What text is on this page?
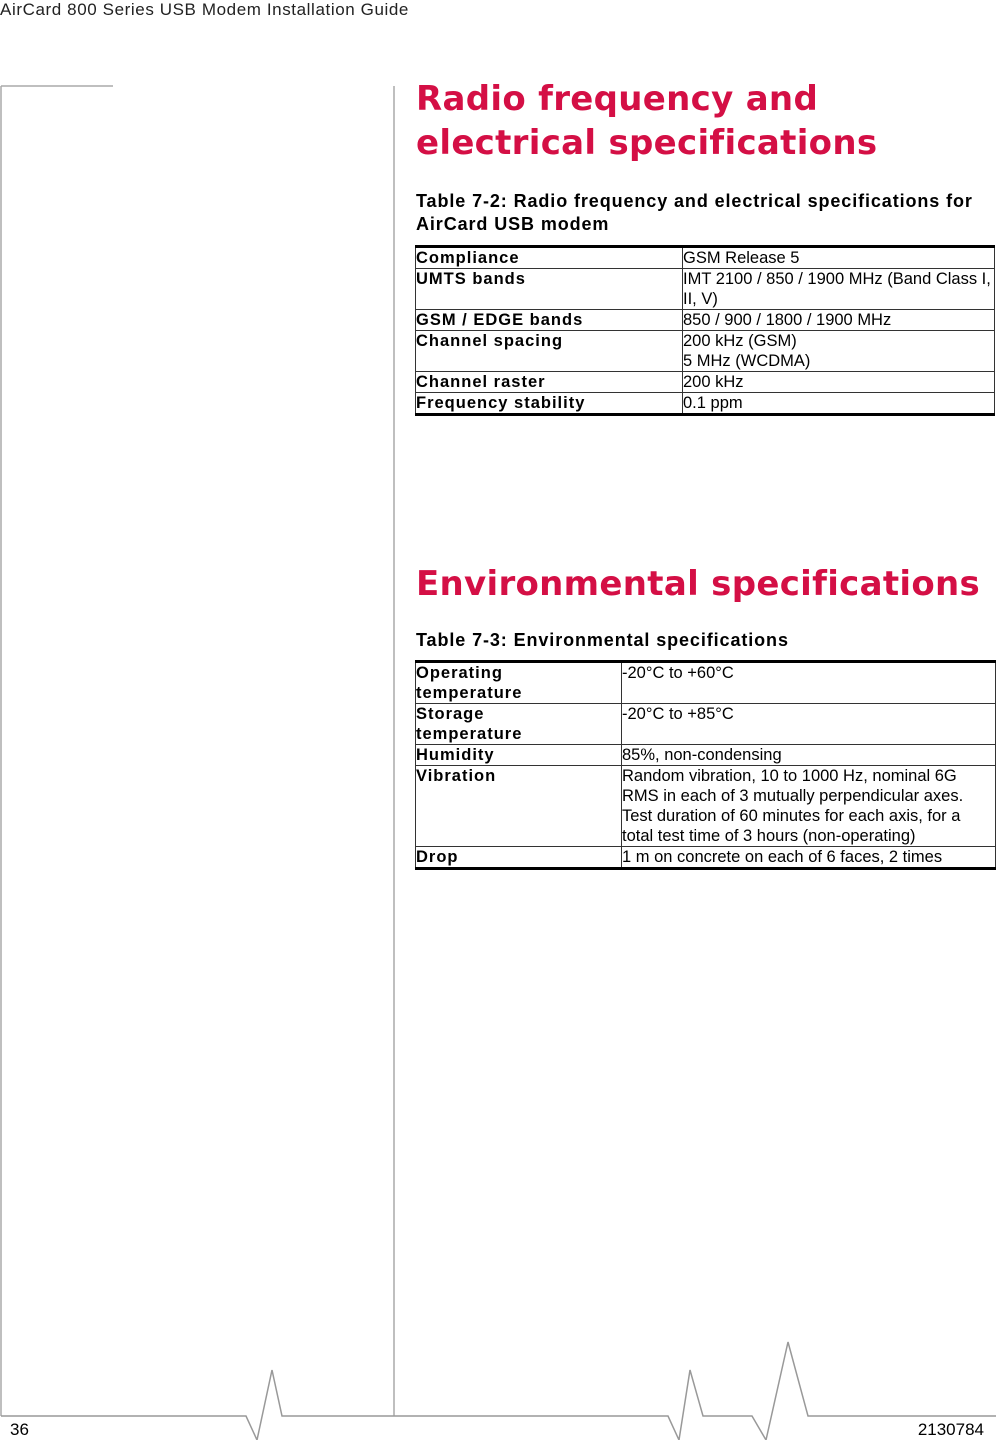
AirCard 800 Series USB Modem Installation Guide
Radio frequency and electrical specifications
Table 7-2: Radio frequency and electrical specifications for AirCard USB modem
Compliance	GSM Release 5
UMTS bands	IMT 2100 / 850 / 1900 MHz (Band Class I, II, V)
GSM / EDGE bands	850 / 900 / 1800 / 1900 MHz
Channel spacing	200 kHz (GSM)
5 MHz (WCDMA)
Channel raster	200 kHz
Frequency stability	0.1 ppm
Environmental specifications
Table 7-3: Environmental specifications
Operating
temperature	-20°C to +60°C
Storage
temperature	-20°C to +85°C
Humidity	85%, non-condensing
Vibration	Random vibration, 10 to 1000 Hz, nominal 6G RMS in each of 3 mutually perpendicular axes. Test duration of 60 minutes for each axis, for a total test time of 3 hours (non-operating)
Drop	1 m on concrete on each of 6 faces, 2 times
36	2130784
